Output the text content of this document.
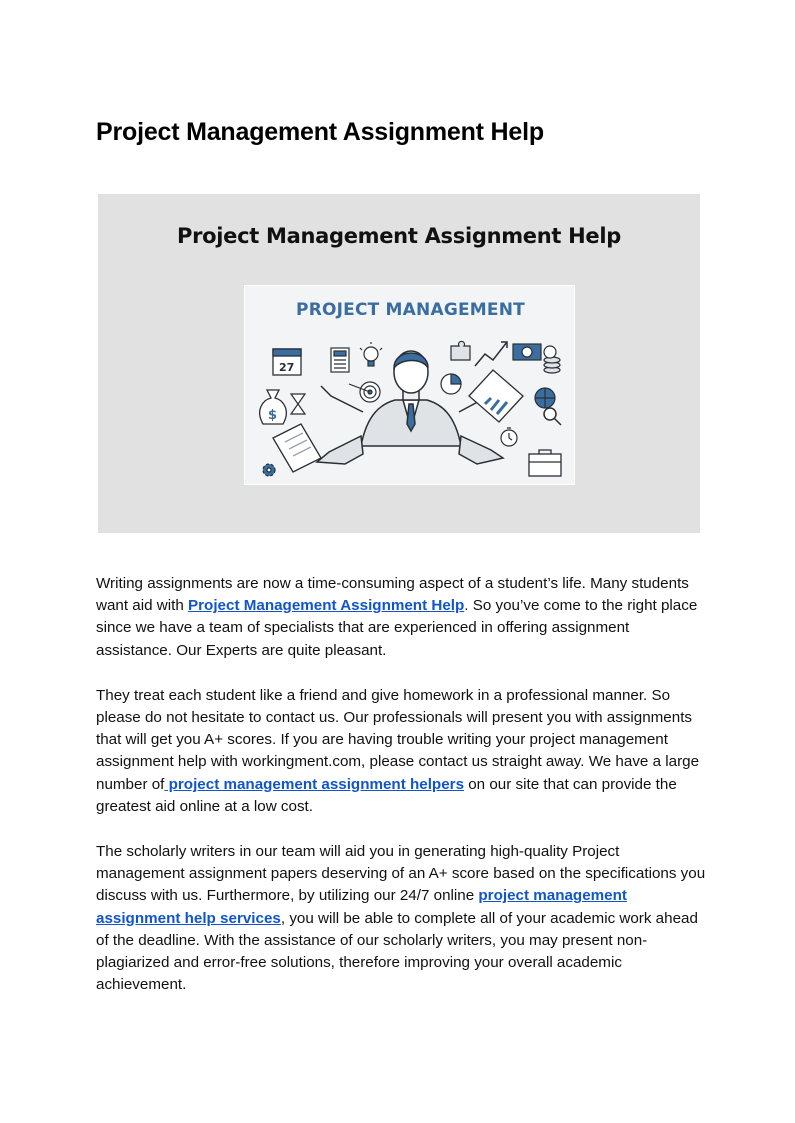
Project Management Assignment Help
Project Management Assignment Help
PROJECT MANAGEMENT
27
$

Writing assignments are now a time-consuming aspect of a student’s life. Many students want aid with Project Management Assignment Help. So you’ve come to the right place since we have a team of specialists that are experienced in offering assignment assistance. Our Experts are quite pleasant.

They treat each student like a friend and give homework in a professional manner. So please do not hesitate to contact us. Our professionals will present you with assignments that will get you A+ scores. If you are having trouble writing your project management assignment help with workingment.com, please contact us straight away. We have a large number of project management assignment helpers on our site that can provide the greatest aid online at a low cost.

The scholarly writers in our team will aid you in generating high-quality Project management assignment papers deserving of an A+ score based on the specifications you discuss with us. Furthermore, by utilizing our 24/7 online project management assignment help services, you will be able to complete all of your academic work ahead of the deadline. With the assistance of our scholarly writers, you may present non-plagiarized and error-free solutions, therefore improving your overall academic achievement.
